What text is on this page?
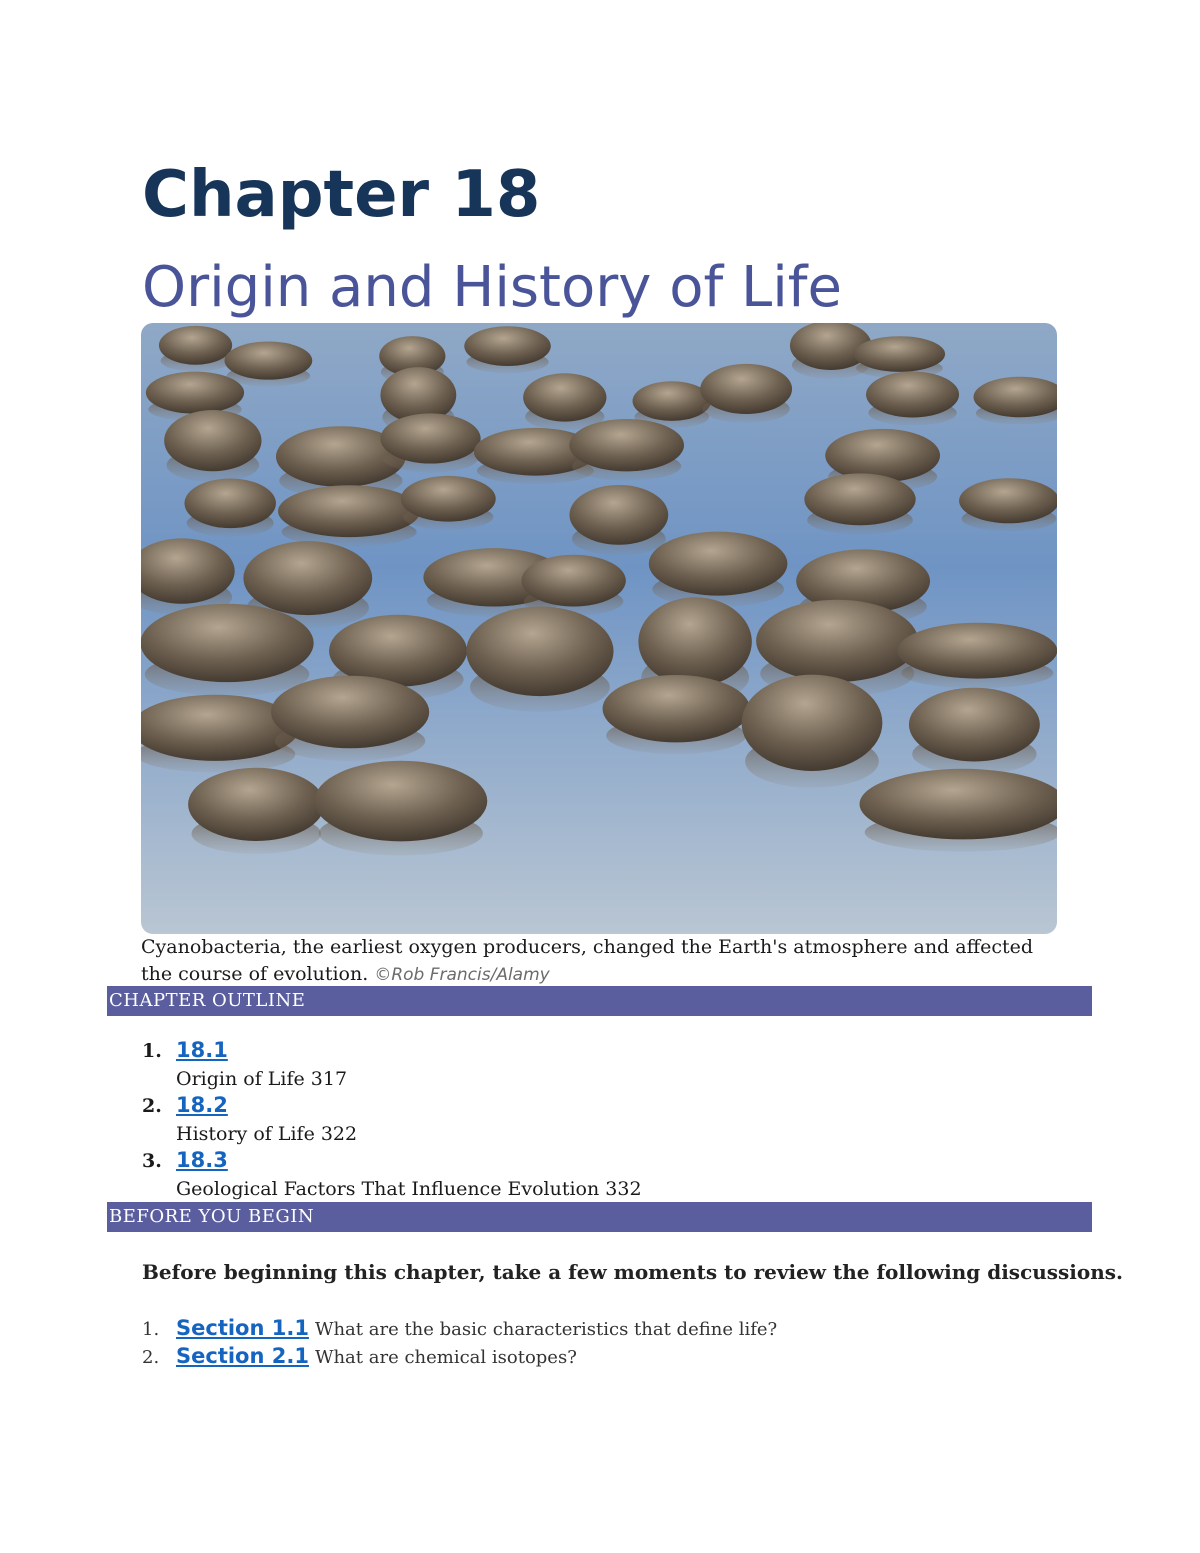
Chapter 18
Origin and History of Life

Cyanobacteria, the earliest oxygen producers, changed the Earth's atmosphere and affected the course of evolution. ©Rob Francis/Alamy

CHAPTER OUTLINE
1. 18.1
Origin of Life 317
2. 18.2
History of Life 322
3. 18.3
Geological Factors That Influence Evolution 332
BEFORE YOU BEGIN

Before beginning this chapter, take a few moments to review the following discussions.

1. Section 1.1 What are the basic characteristics that define life?
2. Section 2.1 What are chemical isotopes?
